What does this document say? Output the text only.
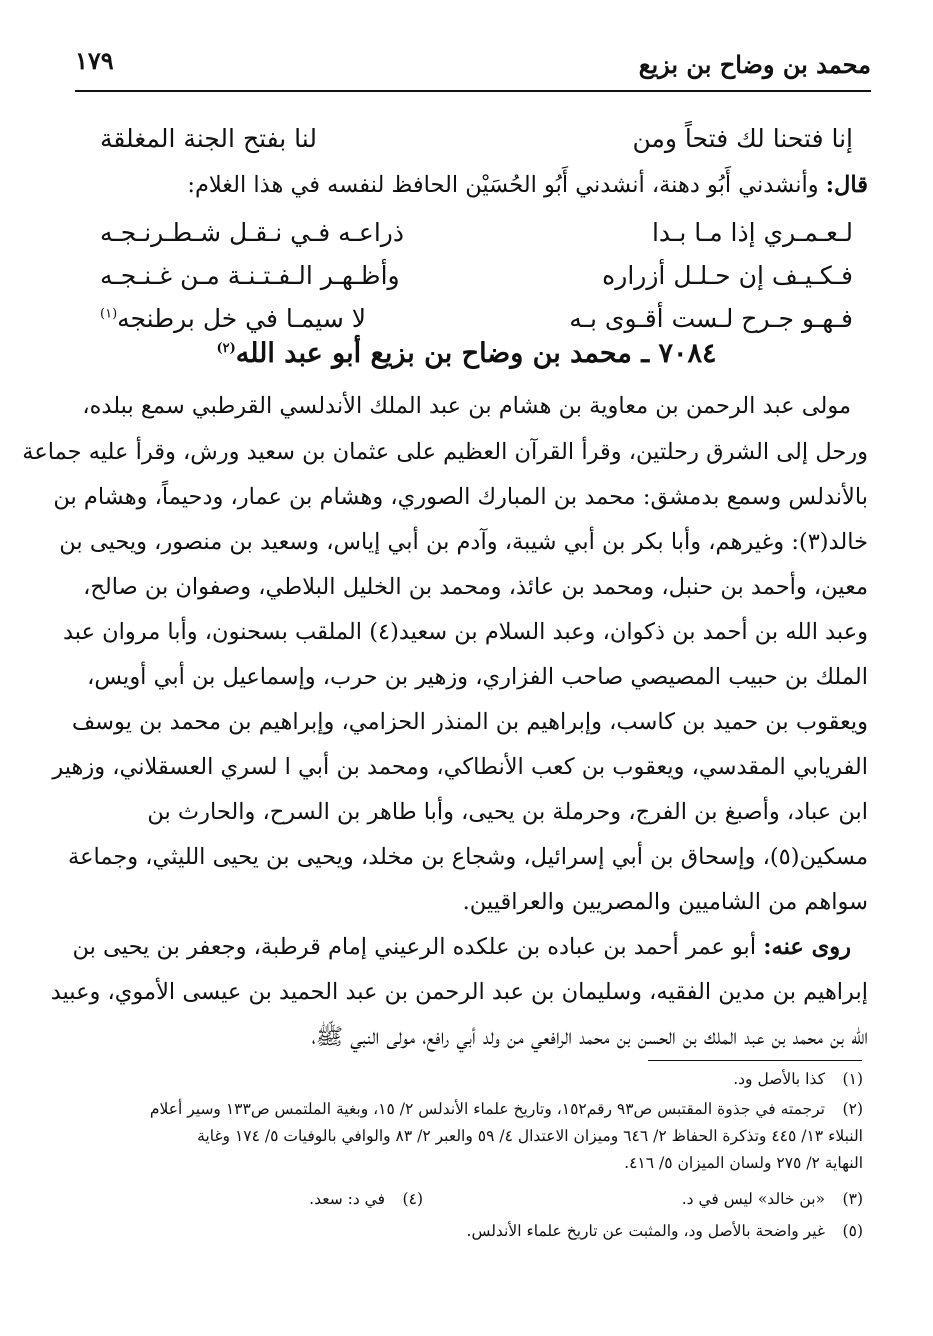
محمد بن وضاح بن بزيع
١٧٩
إنا فتحنا لك فتحاً ومن
لنا بفتح الجنة المغلقة
قال: وأنشدني أَبُو دهنة، أنشدني أَبُو الحُسَيْن الحافظ لنفسه في هذا الغلام:
لـعـمـري إذا مـا بـدا
ذراعـه فـي نـقـل شـطـرنـجـه
فـكـيـف إن حـلـل أزراره
وأظـهـر الـفـتـنـة مـن غـنـجـه
فـهـو جـرح لـست أقـوى بـه
لا سيمـا في خل برطنجه$^{(١)}$
٧٠٨٤ ـ محمد بن وضاح بن بزيع أبو عبد الله$^{(٢)}$
مولى عبد الرحمن بن معاوية بن هشام بن عبد الملك الأندلسي القرطبي سمع ببلده،
ورحل إلى الشرق رحلتين، وقرأ القرآن العظيم على عثمان بن سعيد ورش، وقرأ عليه جماعة
بالأندلس وسمع بدمشق: محمد بن المبارك الصوري، وهشام بن عمار، ودحيماً، وهشام بن
خالد(٣): وغيرهم، وأبا بكر بن أبي شيبة، وآدم بن أبي إياس، وسعيد بن منصور، ويحيى بن
معين، وأحمد بن حنبل، ومحمد بن عائذ، ومحمد بن الخليل البلاطي، وصفوان بن صالح،
وعبد الله بن أحمد بن ذكوان، وعبد السلام بن سعيد(٤) الملقب بسحنون، وأبا مروان عبد
الملك بن حبيب المصيصي صاحب الفزاري، وزهير بن حرب، وإسماعيل بن أبي أويس،
ويعقوب بن حميد بن كاسب، وإبراهيم بن المنذر الحزامي، وإبراهيم بن محمد بن يوسف
الفريابي المقدسي، ويعقوب بن كعب الأنطاكي، ومحمد بن أبي ا لسري العسقلاني، وزهير
ابن عباد، وأصبغ بن الفرج، وحرملة بن يحيى، وأبا طاهر بن السرح، والحارث بن
مسكين(٥)، وإسحاق بن أبي إسرائيل، وشجاع بن مخلد، ويحيى بن يحيى الليثي، وجماعة
سواهم من الشاميين والمصريين والعراقيين.
روى عنه: أبو عمر أحمد بن عباده بن علكده الرعيني إمام قرطبة، وجعفر بن يحيى بن
إبراهيم بن مدين الفقيه، وسليمان بن عبد الرحمن بن عبد الحميد بن عيسى الأموي، وعبيد
الله بن محمد بن عبد الملك بن الحسن بن محمد الرافعي من ولد أبي رافع، مولى النبي ﷺ،
(١)
كذا بالأصل ود.
(٢)
ترجمته في جذوة المقتبس ص٩٣ رقم١٥٢، وتاريخ علماء الأندلس ٢/ ١٥، وبغية الملتمس ص١٣٣ وسير أعلام
النبلاء ١٣/ ٤٤٥ وتذكرة الحفاظ ٢/ ٦٤٦ وميزان الاعتدال ٤/ ٥٩ والعبر ٢/ ٨٣ والوافي بالوفيات ٥/ ١٧٤ وغاية
النهاية ٢/ ٢٧٥ ولسان الميزان ٥/ ٤١٦.
(٣)
«بن خالد» ليس في د.
(٤)
في د: سعد.
(٥)
غير واضحة بالأصل ود، والمثبت عن تاريخ علماء الأندلس.
